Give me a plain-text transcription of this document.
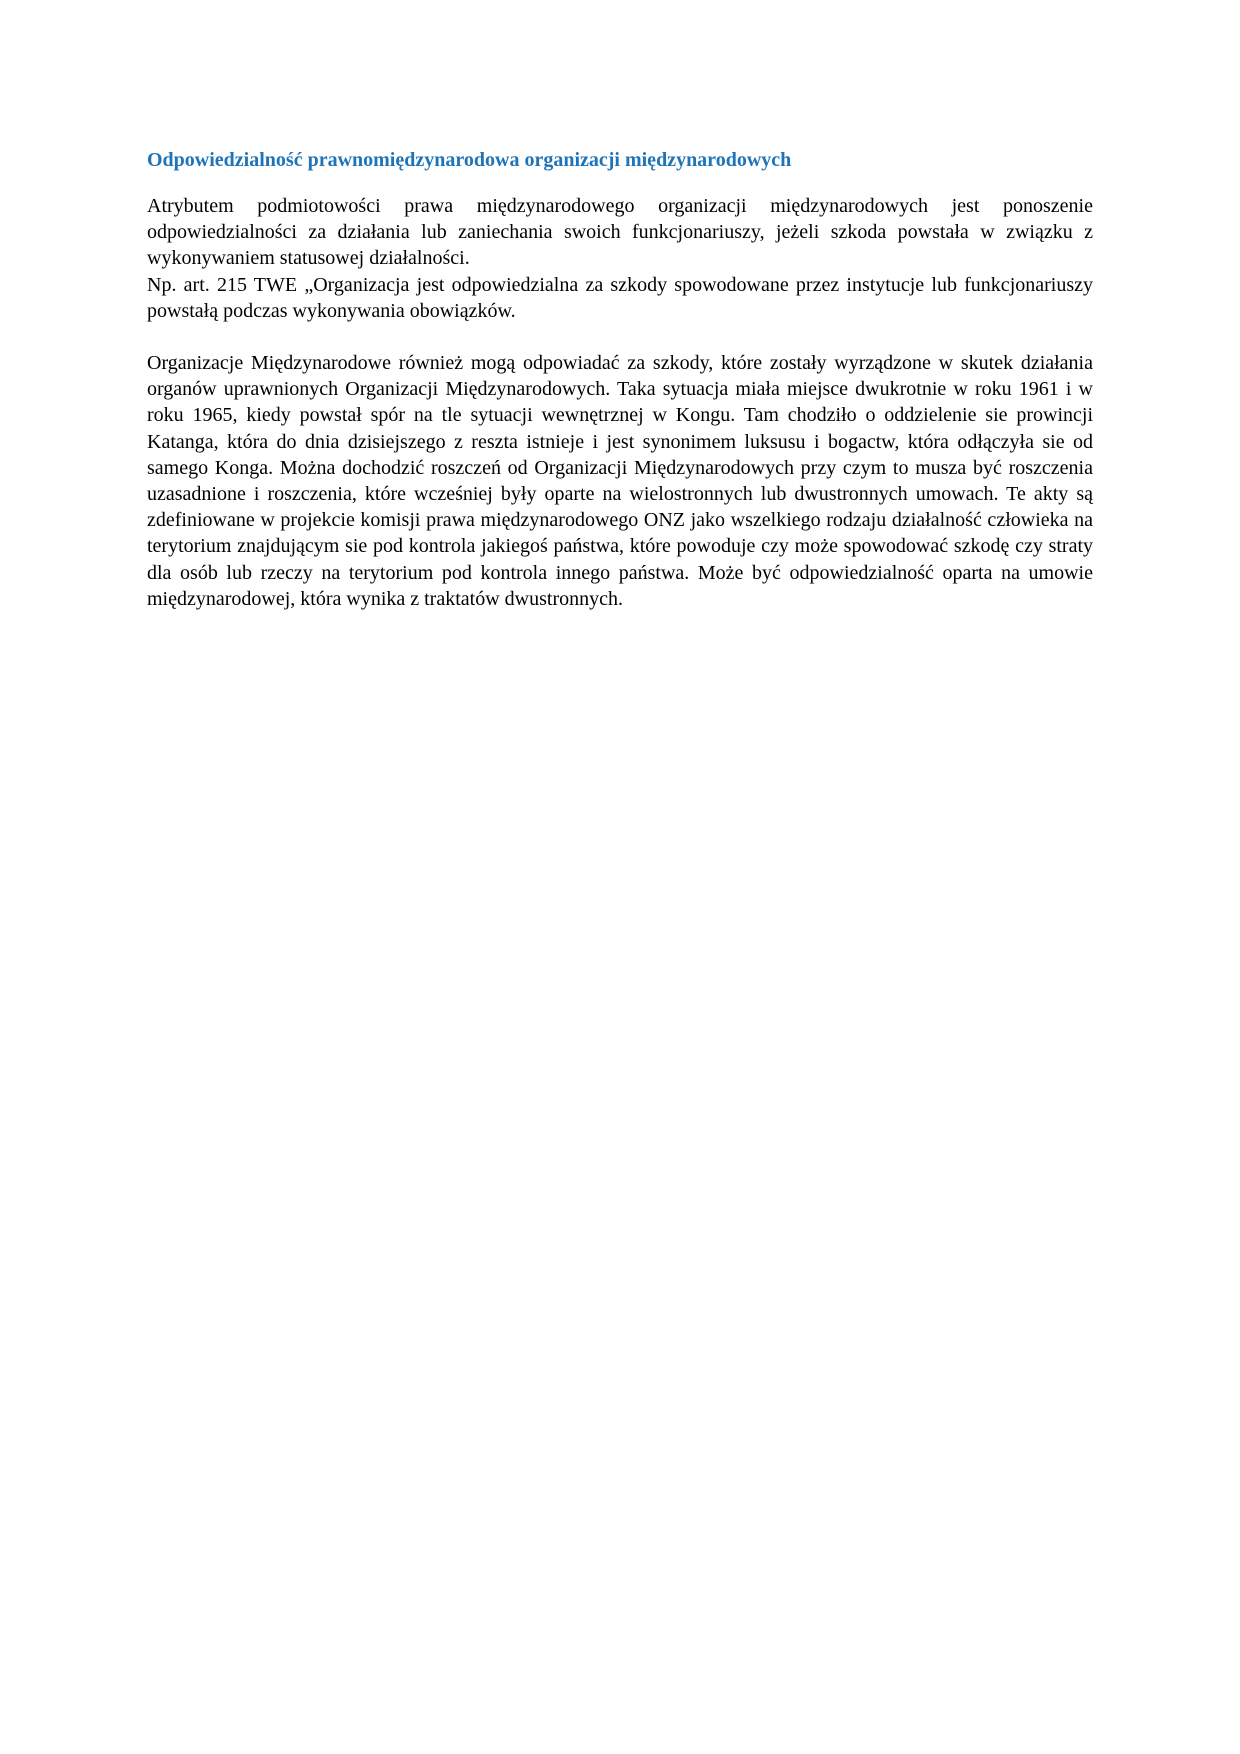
Odpowiedzialność prawnomiędzynarodowa organizacji międzynarodowych

Atrybutem podmiotowości prawa międzynarodowego organizacji międzynarodowych jest ponoszenie odpowiedzialności za działania lub zaniechania swoich funkcjonariuszy, jeżeli szkoda powstała w związku z wykonywaniem statusowej działalności.

Np. art. 215 TWE „Organizacja jest odpowiedzialna za szkody spowodowane przez instytucje lub funkcjonariuszy powstałą podczas wykonywania obowiązków.

Organizacje Międzynarodowe również mogą odpowiadać za szkody, które zostały wyrządzone w skutek działania organów uprawnionych Organizacji Międzynarodowych. Taka sytuacja miała miejsce dwukrotnie w roku 1961 i w roku 1965, kiedy powstał spór na tle sytuacji wewnętrznej w Kongu. Tam chodziło o oddzielenie sie prowincji Katanga, która do dnia dzisiejszego z reszta istnieje i jest synonimem luksusu i bogactw, która odłączyła sie od samego Konga. Można dochodzić roszczeń od Organizacji Międzynarodowych przy czym to musza być roszczenia uzasadnione i roszczenia, które wcześniej były oparte na wielostronnych lub dwustronnych umowach. Te akty są zdefiniowane w projekcie komisji prawa międzynarodowego ONZ jako wszelkiego rodzaju działalność człowieka na terytorium znajdującym sie pod kontrola jakiegoś państwa, które powoduje czy może spowodować szkodę czy straty dla osób lub rzeczy na terytorium pod kontrola innego państwa. Może być odpowiedzialność oparta na umowie międzynarodowej, która wynika z traktatów dwustronnych.
